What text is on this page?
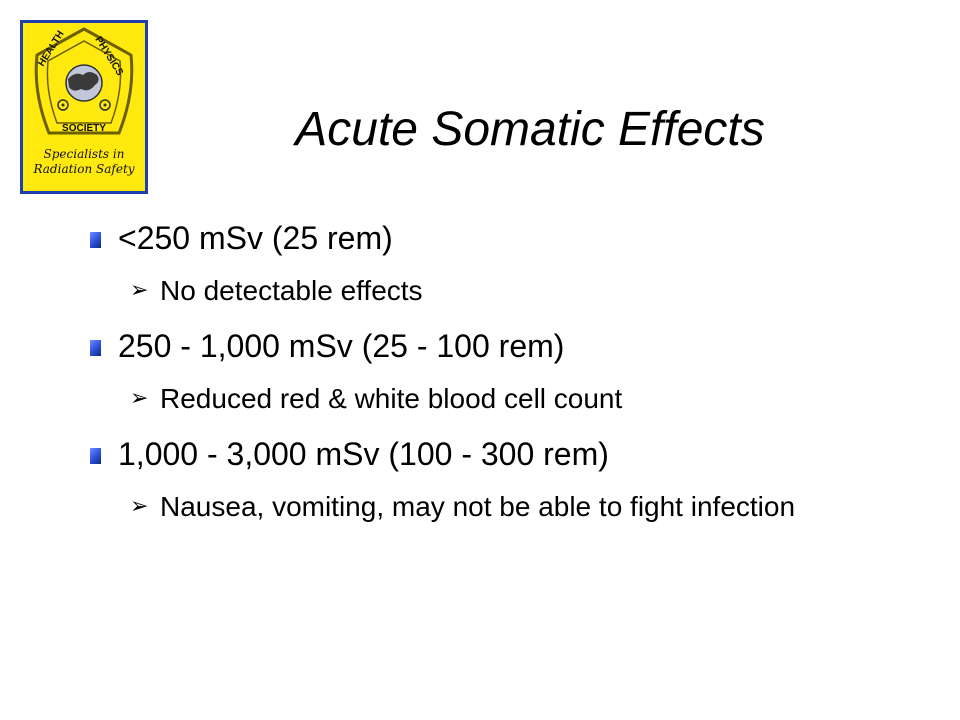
HEALTH	PHYSICS
SOCIETY
Specialists in
Radiation Safety
Acute Somatic Effects
<250 mSv (25 rem)
➢ No detectable effects
250 - 1,000 mSv (25 - 100 rem)
➢ Reduced red & white blood cell count
1,000 - 3,000 mSv (100 - 300 rem)
➢ Nausea, vomiting, may not be able to fight infection
